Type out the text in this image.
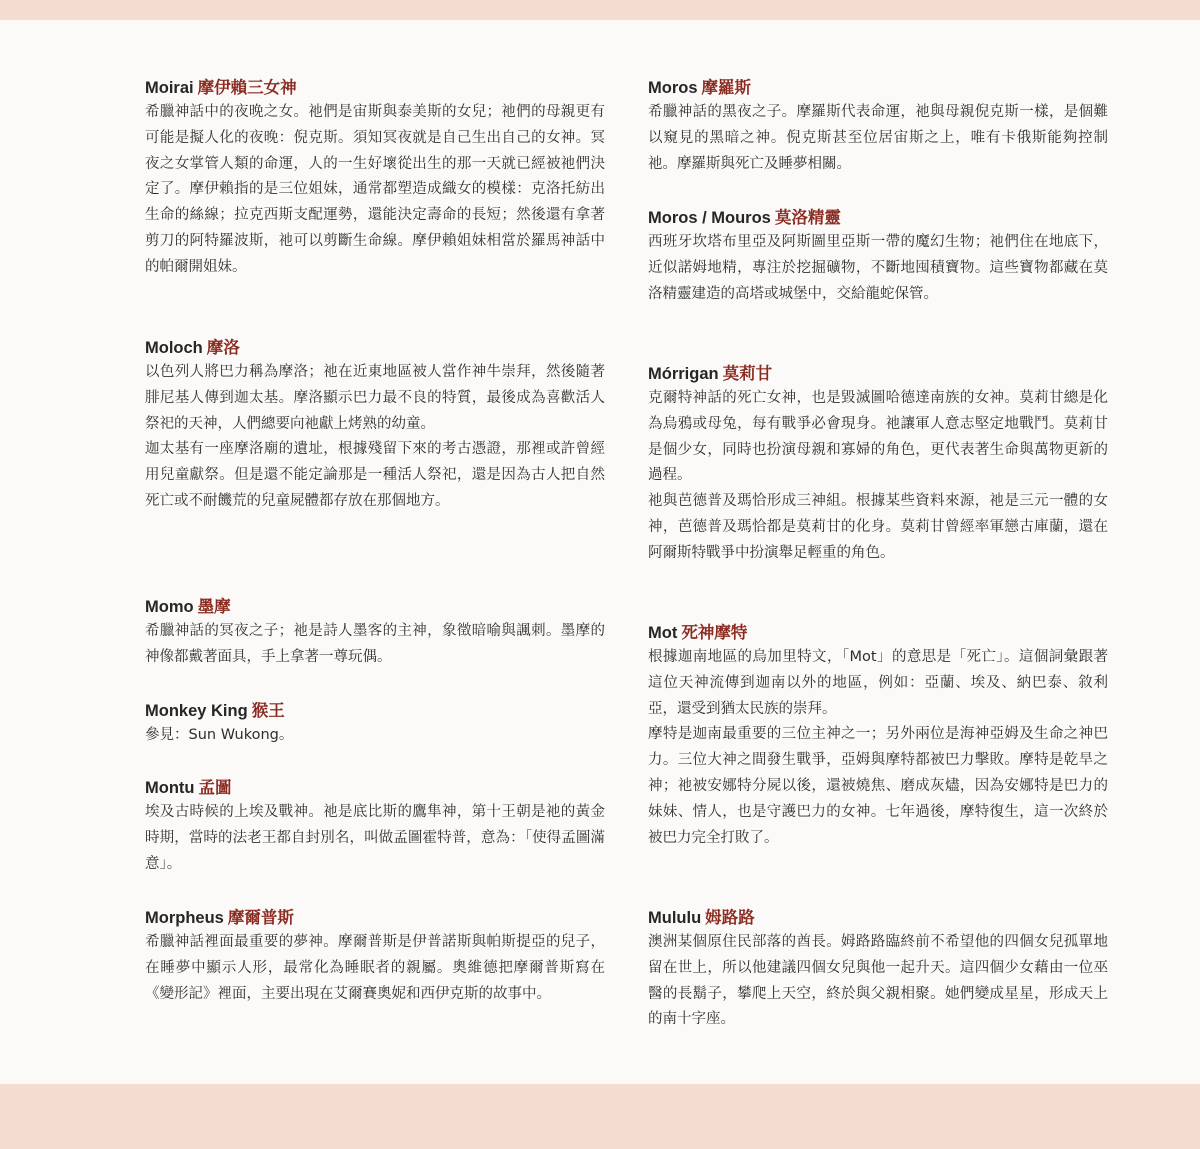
Moirai 摩伊賴三女神

希臘神話中的夜晚之女。祂們是宙斯與泰美斯的女兒；祂們的母親更有可能是擬人化的夜晚：倪克斯。須知冥夜就是自己生出自己的女神。冥夜之女掌管人類的命運，人的一生好壞從出生的那一天就已經被祂們決定了。摩伊賴指的是三位姐妹，通常都塑造成織女的模樣：克洛托紡出生命的絲線；拉克西斯支配運勢，還能決定壽命的長短；然後還有拿著剪刀的阿特羅波斯，祂可以剪斷生命線。摩伊賴姐妹相當於羅馬神話中的帕爾開姐妹。

Moloch 摩洛

以色列人將巴力稱為摩洛；祂在近東地區被人當作神牛崇拜，然後隨著腓尼基人傳到迦太基。摩洛顯示巴力最不良的特質，最後成為喜歡活人祭祀的天神，人們總要向祂獻上烤熟的幼童。

迦太基有一座摩洛廟的遺址，根據殘留下來的考古憑證，那裡或許曾經用兒童獻祭。但是還不能定論那是一種活人祭祀，還是因為古人把自然死亡或不耐饑荒的兒童屍體都存放在那個地方。

Momo 墨摩

希臘神話的冥夜之子；祂是詩人墨客的主神，象徵暗喻與諷刺。墨摩的神像都戴著面具，手上拿著一尊玩偶。

Monkey King 猴王

參見：Sun Wukong。

Montu 孟圖

埃及古時候的上埃及戰神。祂是底比斯的鷹隼神，第十王朝是祂的黃金時期，當時的法老王都自封別名，叫做孟圖霍特普，意為：「使得孟圖滿意」。

Morpheus 摩爾普斯

希臘神話裡面最重要的夢神。摩爾普斯是伊普諾斯與帕斯提亞的兒子，在睡夢中顯示人形，最常化為睡眠者的親屬。奧維德把摩爾普斯寫在《變形記》裡面，主要出現在艾爾賽奧妮和西伊克斯的故事中。

Moros 摩羅斯

希臘神話的黑夜之子。摩羅斯代表命運，祂與母親倪克斯一樣，是個難以窺見的黑暗之神。倪克斯甚至位居宙斯之上，唯有卡俄斯能夠控制祂。摩羅斯與死亡及睡夢相關。

Moros / Mouros 莫洛精靈

西班牙坎塔布里亞及阿斯圖里亞斯一帶的魔幻生物；祂們住在地底下，近似諾姆地精，專注於挖掘礦物，不斷地囤積寶物。這些寶物都藏在莫洛精靈建造的高塔或城堡中，交給龍蛇保管。

Mórrigan 莫莉甘

克爾特神話的死亡女神，也是毀滅圖哈德達南族的女神。莫莉甘總是化為烏鴉或母兔，每有戰爭必會現身。祂讓軍人意志堅定地戰鬥。莫莉甘是個少女，同時也扮演母親和寡婦的角色，更代表著生命與萬物更新的過程。

祂與芭德普及瑪恰形成三神組。根據某些資料來源，祂是三元一體的女神，芭德普及瑪恰都是莫莉甘的化身。莫莉甘曾經率軍戀古庫蘭，還在阿爾斯特戰爭中扮演舉足輕重的角色。

Mot 死神摩特

根據迦南地區的烏加里特文，「Mot」的意思是「死亡」。這個詞彙跟著這位天神流傳到迦南以外的地區，例如：亞蘭、埃及、納巴泰、敘利亞，還受到猶太民族的崇拜。

摩特是迦南最重要的三位主神之一；另外兩位是海神亞姆及生命之神巴力。三位大神之間發生戰爭，亞姆與摩特都被巴力擊敗。摩特是乾旱之神；祂被安娜特分屍以後，還被燒焦、磨成灰燼，因為安娜特是巴力的妹妹、情人，也是守護巴力的女神。七年過後，摩特復生，這一次終於被巴力完全打敗了。

Mululu 姆路路

澳洲某個原住民部落的酋長。姆路路臨終前不希望他的四個女兒孤單地留在世上，所以他建議四個女兒與他一起升天。這四個少女藉由一位巫醫的長鬍子，攀爬上天空，終於與父親相聚。她們變成星星，形成天上的南十字座。
